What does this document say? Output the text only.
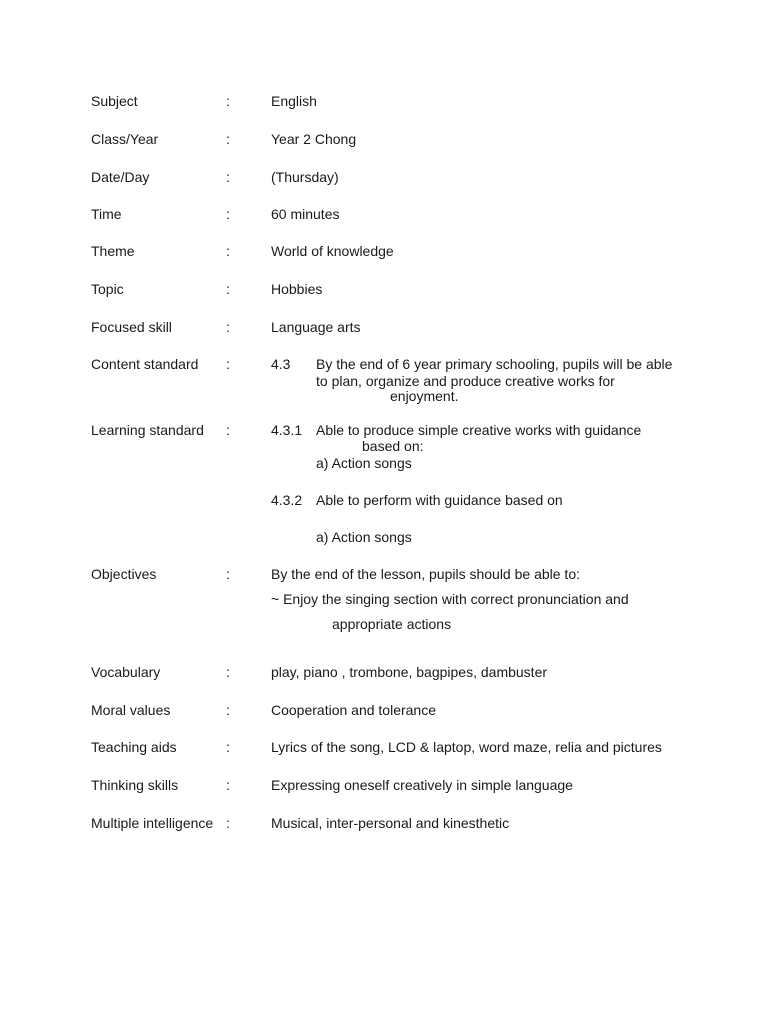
Subject	:	English
Class/Year	:	Year 2 Chong
Date/Day	:	(Thursday)
Time	:	60 minutes
Theme	:	World of knowledge
Topic	:	Hobbies
Focused skill	:	Language arts
Content standard :	4.3 By the end of 6 year primary schooling, pupils will be able
to plan, organize and produce creative works for
enjoyment.
Learning standard :	4.3.1 Able to produce simple creative works with guidance
based on:
a) Action songs
4.3.2 Able to perform with guidance based on
a) Action songs
Objectives	:	By the end of the lesson, pupils should be able to:
~ Enjoy the singing section with correct pronunciation and
appropriate actions
Vocabulary	:	play, piano , trombone, bagpipes, dambuster
Moral values	:	Cooperation and tolerance
Teaching aids	:	Lyrics of the song, LCD & laptop, word maze, relia and pictures
Thinking skills	:	Expressing oneself creatively in simple language
Multiple intelligence :	Musical, inter-personal and kinesthetic
